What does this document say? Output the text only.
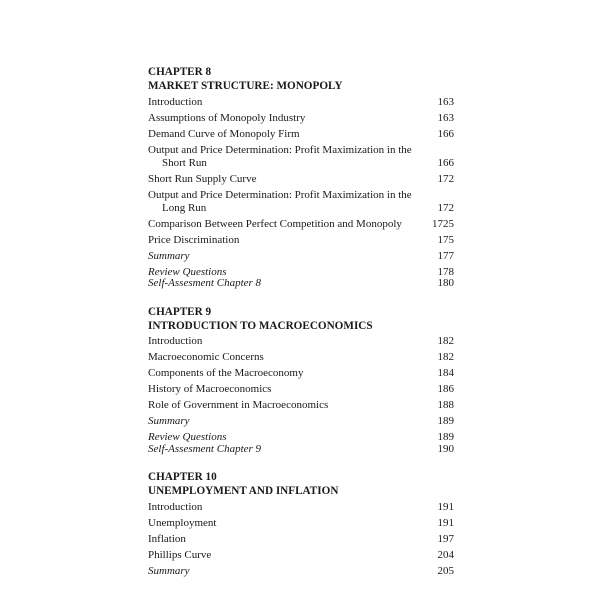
CHAPTER 8
MARKET STRUCTURE: MONOPOLY
Introduction	163
Assumptions of Monopoly Industry	163
Demand Curve of Monopoly Firm	166
Output and Price Determination: Profit Maximization in the
Short Run	166
Short Run Supply Curve	172
Output and Price Determination: Profit Maximization in the
Long Run	172
Comparison Between Perfect Competition and Monopoly	1725
Price Discrimination	175
Summary	177
Review Questions	178
Self-Assesment Chapter 8	180
CHAPTER 9
INTRODUCTION TO MACROECONOMICS
Introduction	182
Macroeconomic Concerns	182
Components of the Macroeconomy	184
History of Macroeconomics	186
Role of Government in Macroeconomics	188
Summary	189
Review Questions	189
Self-Assesment Chapter 9	190
CHAPTER 10
UNEMPLOYMENT AND INFLATION
Introduction	191
Unemployment	191
Inflation	197
Phillips Curve	204
Summary	205
